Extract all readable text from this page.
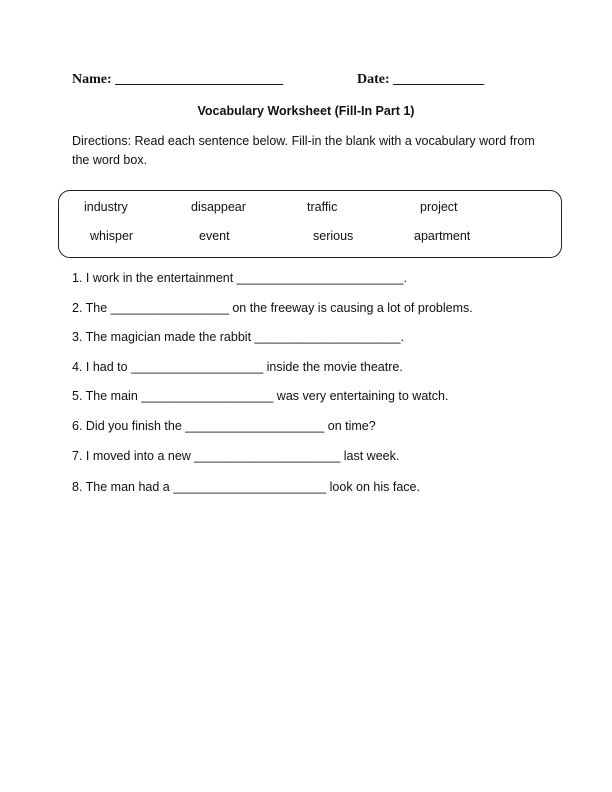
Name: ________________________	Date: _____________
Vocabulary Worksheet (Fill-In Part 1)
Directions: Read each sentence below. Fill-in the blank with a vocabulary word from the word box.
industry	disappear	traffic	project
whisper	event	serious	apartment
1. I work in the entertainment ________________________.
2. The _________________ on the freeway is causing a lot of problems.
3. The magician made the rabbit _____________________.
4. I had to ___________________ inside the movie theatre.
5. The main ___________________ was very entertaining to watch.
6. Did you finish the ____________________ on time?
7. I moved into a new _____________________ last week.
8. The man had a ______________________ look on his face.
